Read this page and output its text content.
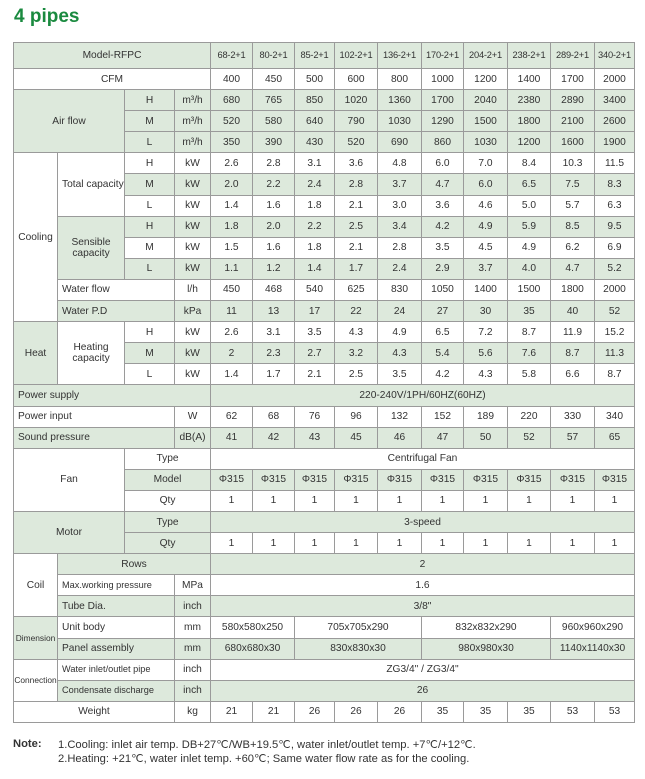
4 pipes
Model-RFPC				68-2+1	80-2+1	85-2+1	102-2+1	136-2+1	170-2+1	204-2+1	238-2+1	289-2+1	340-2+1
CFM				400	450	500	600	800	1000	1200	1400	1700	2000
Air flow		H	m³/h	680	765	850	1020	1360	1700	2040	2380	2890	3400
		M	m³/h	520	580	640	790	1030	1290	1500	1800	2100	2600
		L	m³/h	350	390	430	520	690	860	1030	1200	1600	1900
Cooling	Total capacity	H	kW	2.6	2.8	3.1	3.6	4.8	6.0	7.0	8.4	10.3	11.5
		M	kW	2.0	2.2	2.4	2.8	3.7	4.7	6.0	6.5	7.5	8.3
		L	kW	1.4	1.6	1.8	2.1	3.0	3.6	4.6	5.0	5.7	6.3
	Sensible capacity	H	kW	1.8	2.0	2.2	2.5	3.4	4.2	4.9	5.9	8.5	9.5
		M	kW	1.5	1.6	1.8	2.1	2.8	3.5	4.5	4.9	6.2	6.9
		L	kW	1.1	1.2	1.4	1.7	2.4	2.9	3.7	4.0	4.7	5.2
	Water flow		l/h	450	468	540	625	830	1050	1400	1500	1800	2000
	Water P.D		kPa	11	13	17	22	24	27	30	35	40	52
Heat	Heating capacity	H	kW	2.6	3.1	3.5	4.3	4.9	6.5	7.2	8.7	11.9	15.2
		M	kW	2	2.3	2.7	3.2	4.3	5.4	5.6	7.6	8.7	11.3
		L	kW	1.4	1.7	2.1	2.5	3.5	4.2	4.3	5.8	6.6	8.7
Power supply				220-240V/1PH/60HZ(60HZ)									
Power input			W	62	68	76	96	132	152	189	220	330	340
Sound pressure			dB(A)	41	42	43	45	46	47	50	52	57	65
Fan		Type		Centrifugal Fan									
		Model		Φ315	Φ315	Φ315	Φ315	Φ315	Φ315	Φ315	Φ315	Φ315	Φ315
		Qty		1	1	1	1	1	1	1	1	1	1
Motor		Type		3-speed									
		Qty		1	1	1	1	1	1	1	1	1	1
Coil	Rows			2									
	Max.working pressure		MPa	1.6									
	Tube Dia.		inch	3/8"									
Dimension	Unit body		mm	580x580x250		705x705x290			832x832x290			960x960x290	
	Panel assembly		mm	680x680x30		830x830x30			980x980x30			1140x1140x30	
Connection	Water inlet/outlet pipe		inch	ZG3/4" / ZG3/4"									
	Condensate discharge		inch	26									
Weight			kg	21	21	26	26	26	35	35	35	53	53
Note: 1.Cooling: inlet air temp. DB+27℃/WB+19.5℃, water inlet/outlet temp. +7℃/+12℃.
2.Heating: +21℃, water inlet temp. +60℃; Same water flow rate as for the cooling.
